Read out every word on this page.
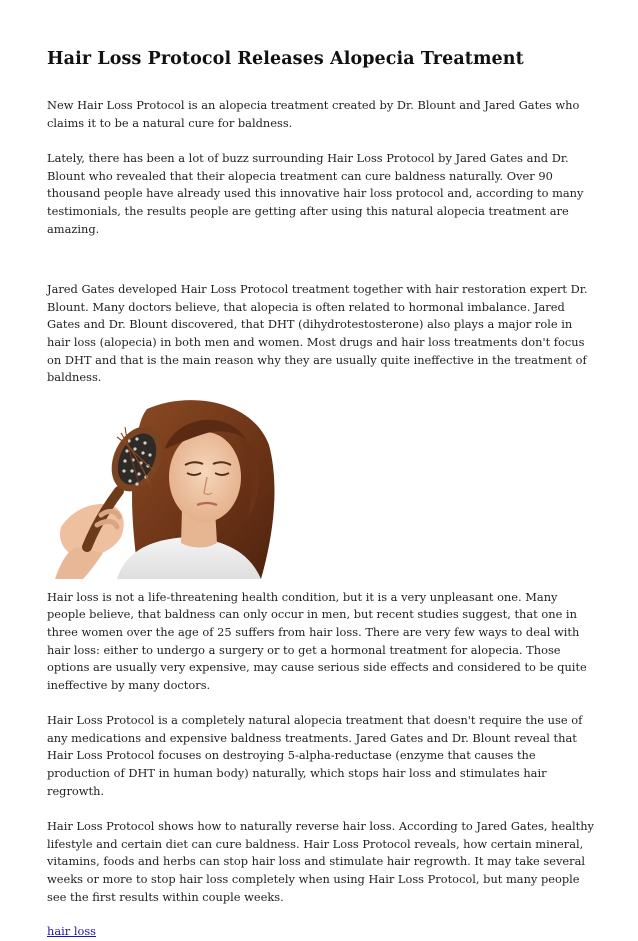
Hair Loss Protocol Releases Alopecia Treatment

New Hair Loss Protocol is an alopecia treatment created by Dr. Blount and Jared Gates who claims it to be a natural cure for baldness.

Lately, there has been a lot of buzz surrounding Hair Loss Protocol by Jared Gates and Dr. Blount who revealed that their alopecia treatment can cure baldness naturally. Over 90 thousand people have already used this innovative hair loss protocol and, according to many testimonials, the results people are getting after using this natural alopecia treatment are amazing.

Jared Gates developed Hair Loss Protocol treatment together with hair restoration expert Dr. Blount. Many doctors believe, that alopecia is often related to hormonal imbalance. Jared Gates and Dr. Blount discovered, that DHT (dihydrotestosterone) also plays a major role in hair loss (alopecia) in both men and women. Most drugs and hair loss treatments don't focus on DHT and that is the main reason why they are usually quite ineffective in the treatment of baldness.

Hair loss is not a life-threatening health condition, but it is a very unpleasant one. Many people believe, that baldness can only occur in men, but recent studies suggest, that one in three women over the age of 25 suffers from hair loss. There are very few ways to deal with hair loss: either to undergo a surgery or to get a hormonal treatment for alopecia. Those options are usually very expensive, may cause serious side effects and considered to be quite ineffective by many doctors.

Hair Loss Protocol is a completely natural alopecia treatment that doesn't require the use of any medications and expensive baldness treatments. Jared Gates and Dr. Blount reveal that Hair Loss Protocol focuses on destroying 5-alpha-reductase (enzyme that causes the production of DHT in human body) naturally, which stops hair loss and stimulates hair regrowth.

Hair Loss Protocol shows how to naturally reverse hair loss. According to Jared Gates, healthy lifestyle and certain diet can cure baldness. Hair Loss Protocol reveals, how certain mineral, vitamins, foods and herbs can stop hair loss and stimulate hair regrowth. It may take several weeks or more to stop hair loss completely when using Hair Loss Protocol, but many people see the first results within couple weeks.

hair loss
